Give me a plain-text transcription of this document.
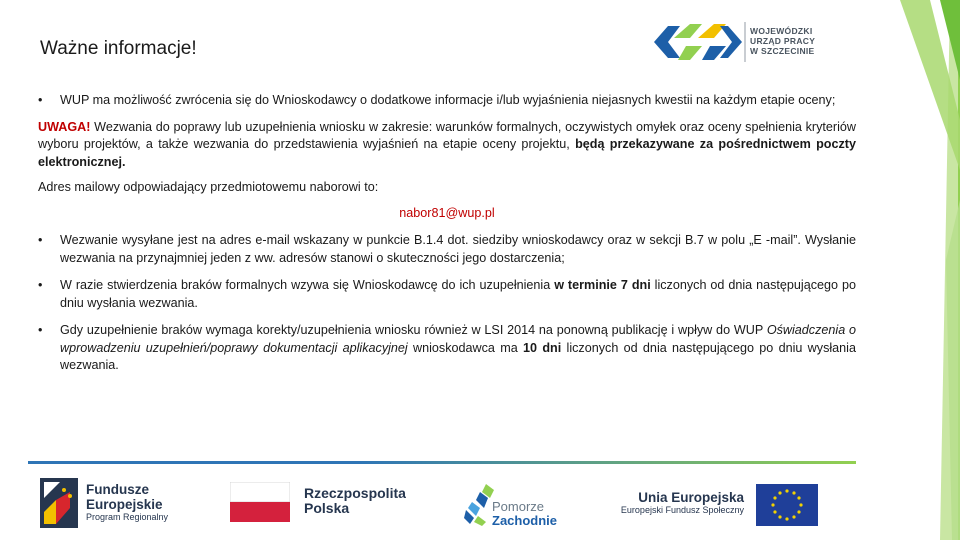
Ważne informacje!
WOJEWÓDZKI
URZĄD PRACY
W SZCZECINIE

• WUP ma możliwość zwrócenia się do Wnioskodawcy o dodatkowe informacje i/lub wyjaśnienia niejasnych kwestii na każdym etapie oceny;

UWAGA! Wezwania do poprawy lub uzupełnienia wniosku w zakresie: warunków formalnych, oczywistych omyłek oraz oceny spełnienia kryteriów wyboru projektów, a także wezwania do przedstawienia wyjaśnień na etapie oceny projektu, będą przekazywane za pośrednictwem poczty elektronicznej.

Adres mailowy odpowiadający przedmiotowemu naborowi to:

nabor81@wup.pl

• Wezwanie wysyłane jest na adres e-mail wskazany w punkcie B.1.4 dot. siedziby wnioskodawcy oraz w sekcji B.7 w polu „E -mail”. Wysłanie wezwania na przynajmniej jeden z ww. adresów stanowi o skuteczności jego dostarczenia;

• W razie stwierdzenia braków formalnych wzywa się Wnioskodawcę do ich uzupełnienia w terminie 7 dni liczonych od dnia następującego po dniu wysłania wezwania.

• Gdy uzupełnienie braków wymaga korekty/uzupełnienia wniosku również w LSI 2014 na ponowną publikację i wpływ do WUP Oświadczenia o wprowadzeniu uzupełnień/poprawy dokumentacji aplikacyjnej wnioskodawca ma 10 dni liczonych od dnia następującego po dniu wysłania wezwania.

Fundusze
Europejskie
Program Regionalny
Rzeczpospolita
Polska	Pomorze
Zachodnie
Unia Europejska
Europejski Fundusz Społeczny
